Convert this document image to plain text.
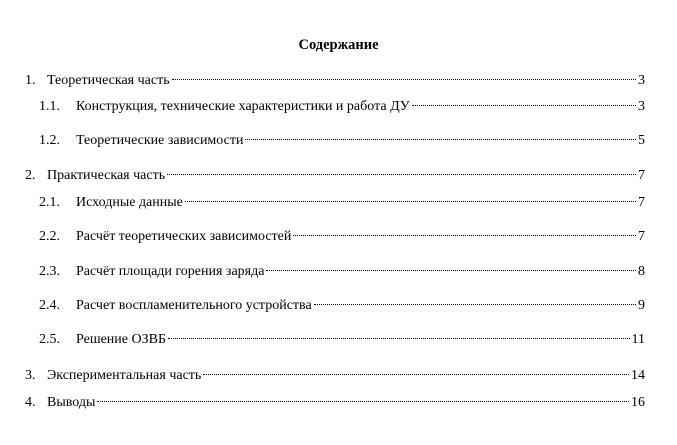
Содержание
1. Теоретическая часть	3
1.1.	Конструкция, технические характеристики и работа ДУ	3
1.2.	Теоретические зависимости	5
2. Практическая часть	7
2.1.	Исходные данные	7
2.2.	Расчёт теоретических зависимостей	7
2.3.	Расчёт площади горения заряда	8
2.4.	Расчет воспламенительного устройства	9
2.5.	Решение ОЗВБ	11
3. Экспериментальная часть	14
4. Выводы	16
